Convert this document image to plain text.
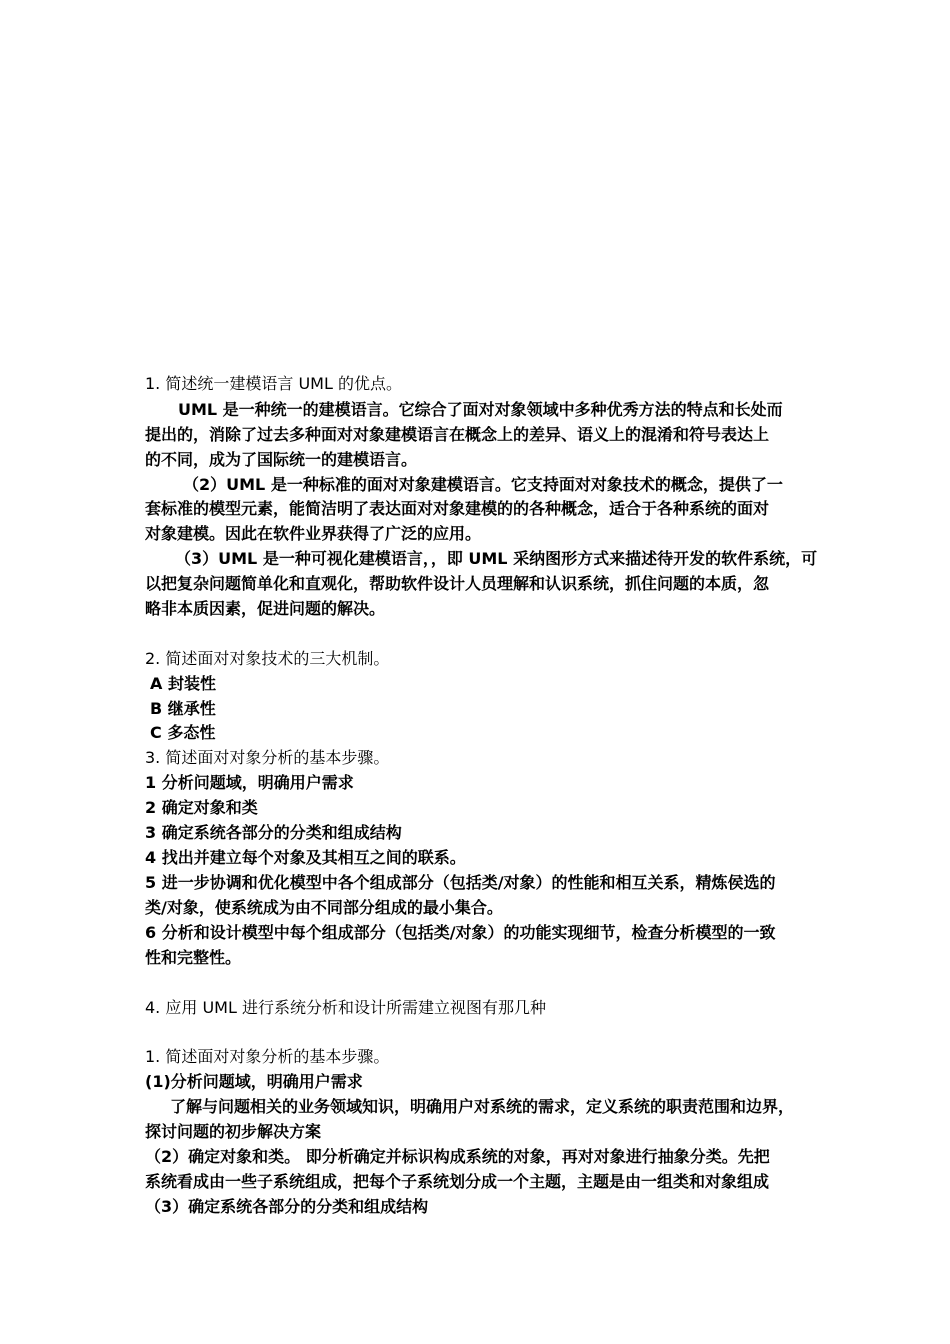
1. 简述统一建模语言 UML 的优点。
UML 是一种统一的建模语言。它综合了面对对象领域中多种优秀方法的特点和长处而
提出的，消除了过去多种面对对象建模语言在概念上的差异、语义上的混淆和符号表达上
的不同，成为了国际统一的建模语言。
（2）UML 是一种标准的面对对象建模语言。它支持面对对象技术的概念，提供了一
套标准的模型元素，能简洁明了表达面对对象建模的的各种概念，适合于各种系统的面对
对象建模。因此在软件业界获得了广泛的应用。
（3）UML 是一种可视化建模语言，，即 UML 采纳图形方式来描述待开发的软件系统，可
以把复杂问题简单化和直观化，帮助软件设计人员理解和认识系统，抓住问题的本质，忽
略非本质因素，促进问题的解决。
2. 简述面对对象技术的三大机制。
A 封装性
B 继承性
C 多态性
3. 简述面对对象分析的基本步骤。
1 分析问题域，明确用户需求
2 确定对象和类
3 确定系统各部分的分类和组成结构
4 找出并建立每个对象及其相互之间的联系。
5 进一步协调和优化模型中各个组成部分（包括类/对象）的性能和相互关系，精炼侯选的
类/对象，使系统成为由不同部分组成的最小集合。
6 分析和设计模型中每个组成部分（包括类/对象）的功能实现细节，检查分析模型的一致
性和完整性。
4. 应用 UML 进行系统分析和设计所需建立视图有那几种
1. 简述面对对象分析的基本步骤。
(1)分析问题域，明确用户需求
了解与问题相关的业务领域知识，明确用户对系统的需求，定义系统的职责范围和边界，
探讨问题的初步解决方案
（2）确定对象和类。 即分析确定并标识构成系统的对象，再对对象进行抽象分类。先把
系统看成由一些子系统组成，把每个子系统划分成一个主题，主题是由一组类和对象组成
（3）确定系统各部分的分类和组成结构
